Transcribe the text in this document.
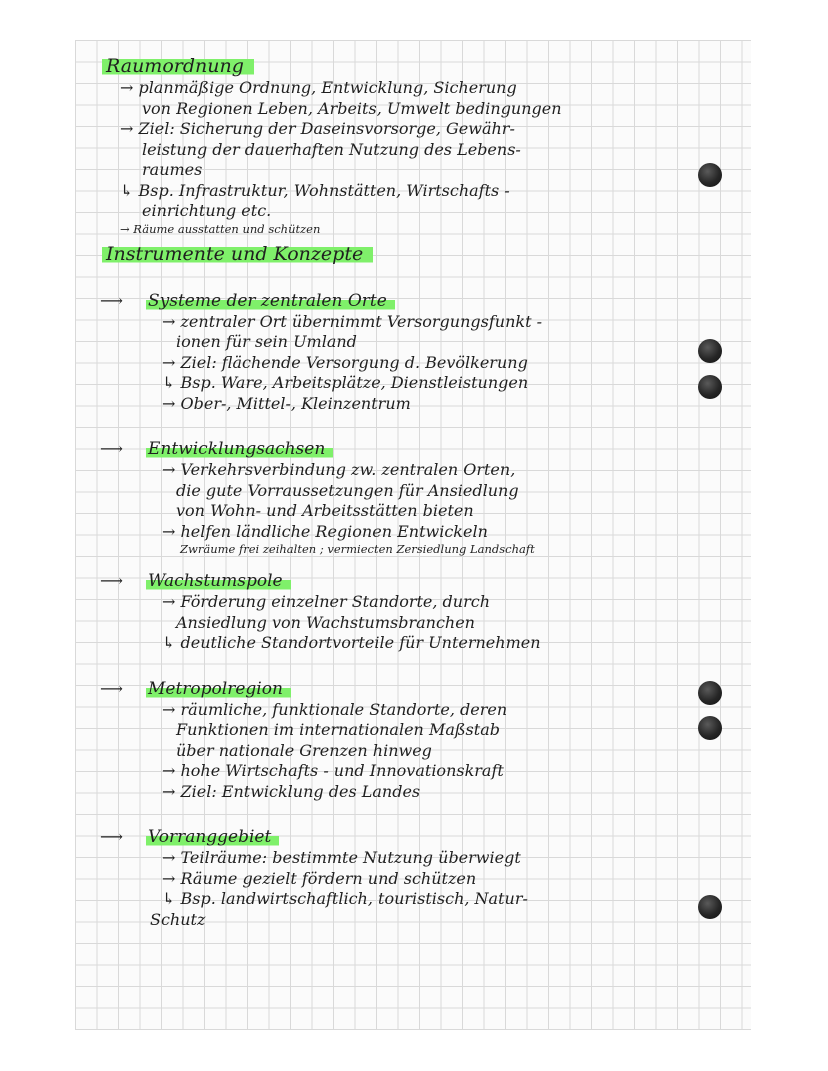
Raumordnung
→ planmäßige Ordnung, Entwicklung, Sicherung
von Regionen Leben, Arbeits, Umwelt bedingungen
→ Ziel: Sicherung der Daseinsvorsorge, Gewähr-
leistung der dauerhaften Nutzung des Lebens-
raumes
↳ Bsp. Infrastruktur, Wohnstätten, Wirtschafts -
einrichtung etc.
→ Räume ausstatten und schützen
Instrumente und Konzepte
⟶	Systeme der zentralen Orte
→ zentraler Ort übernimmt Versorgungsfunkt -
ionen für sein Umland
→ Ziel: flächende Versorgung d. Bevölkerung
↳ Bsp. Ware, Arbeitsplätze, Dienstleistungen
→ Ober-, Mittel-, Kleinzentrum
⟶	Entwicklungsachsen
→ Verkehrsverbindung zw. zentralen Orten,
die gute Vorraussetzungen für Ansiedlung
von Wohn- und Arbeitsstätten bieten
→ helfen ländliche Regionen Entwickeln
Zwräume frei zeihalten ; vermiecten Zersiedlung Landschaft
⟶	Wachstumspole
→ Förderung einzelner Standorte, durch
Ansiedlung von Wachstumsbranchen
↳ deutliche Standortvorteile für Unternehmen
⟶	Metropolregion
→ räumliche, funktionale Standorte, deren
Funktionen im internationalen Maßstab
über nationale Grenzen hinweg
→ hohe Wirtschafts - und Innovationskraft
→ Ziel: Entwicklung des Landes
⟶	Vorranggebiet
→ Teilräume: bestimmte Nutzung überwiegt
→ Räume gezielt fördern und schützen
↳ Bsp. landwirtschaftlich, touristisch, Natur-
Schutz
